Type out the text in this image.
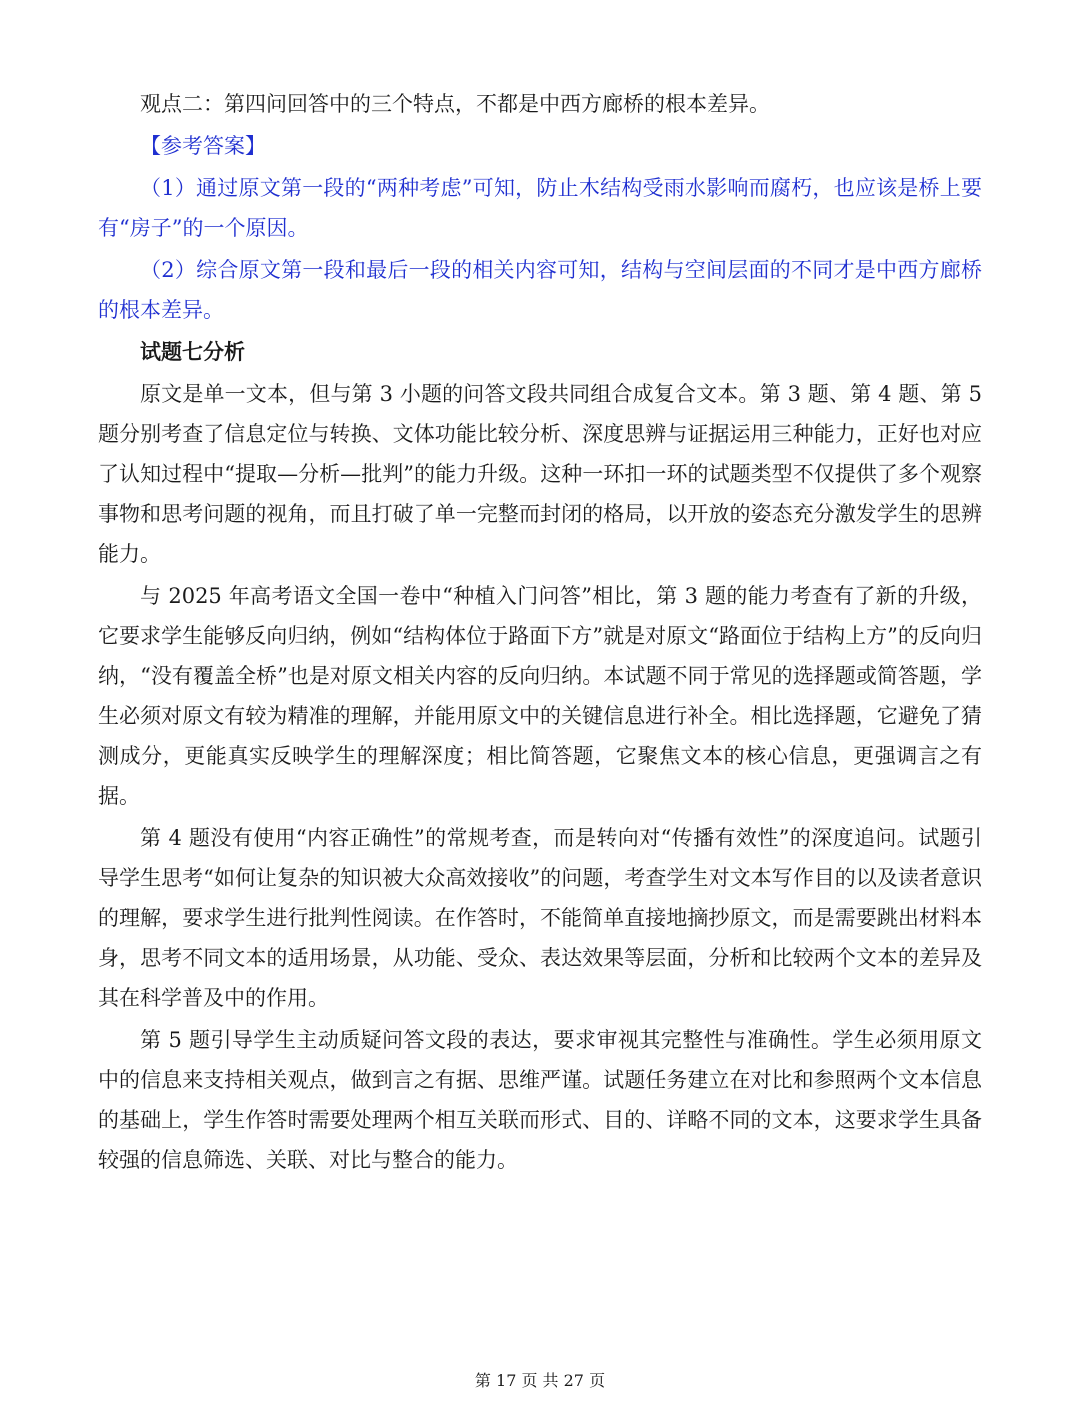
观点二：第四问回答中的三个特点，不都是中西方廊桥的根本差异。

【参考答案】

（1）通过原文第一段的“两种考虑”可知，防止木结构受雨水影响而腐朽，也应该是桥上要有“房子”的一个原因。

（2）综合原文第一段和最后一段的相关内容可知，结构与空间层面的不同才是中西方廊桥的根本差异。

试题七分析

原文是单一文本，但与第 3 小题的问答文段共同组合成复合文本。第 3 题、第 4 题、第 5 题分别考查了信息定位与转换、文体功能比较分析、深度思辨与证据运用三种能力，正好也对应了认知过程中“提取—分析—批判”的能力升级。这种一环扣一环的试题类型不仅提供了多个观察事物和思考问题的视角，而且打破了单一完整而封闭的格局，以开放的姿态充分激发学生的思辨能力。

与 2025 年高考语文全国一卷中“种植入门问答”相比，第 3 题的能力考查有了新的升级，它要求学生能够反向归纳，例如“结构体位于路面下方”就是对原文“路面位于结构上方”的反向归纳，“没有覆盖全桥”也是对原文相关内容的反向归纳。本试题不同于常见的选择题或简答题，学生必须对原文有较为精准的理解，并能用原文中的关键信息进行补全。相比选择题，它避免了猜测成分，更能真实反映学生的理解深度；相比简答题，它聚焦文本的核心信息，更强调言之有据。

第 4 题没有使用“内容正确性”的常规考查，而是转向对“传播有效性”的深度追问。试题引导学生思考“如何让复杂的知识被大众高效接收”的问题，考查学生对文本写作目的以及读者意识的理解，要求学生进行批判性阅读。在作答时，不能简单直接地摘抄原文，而是需要跳出材料本身，思考不同文本的适用场景，从功能、受众、表达效果等层面，分析和比较两个文本的差异及其在科学普及中的作用。

第 5 题引导学生主动质疑问答文段的表达，要求审视其完整性与准确性。学生必须用原文中的信息来支持相关观点，做到言之有据、思维严谨。试题任务建立在对比和参照两个文本信息的基础上，学生作答时需要处理两个相互关联而形式、目的、详略不同的文本，这要求学生具备较强的信息筛选、关联、对比与整合的能力。

第 17 页 共 27 页
